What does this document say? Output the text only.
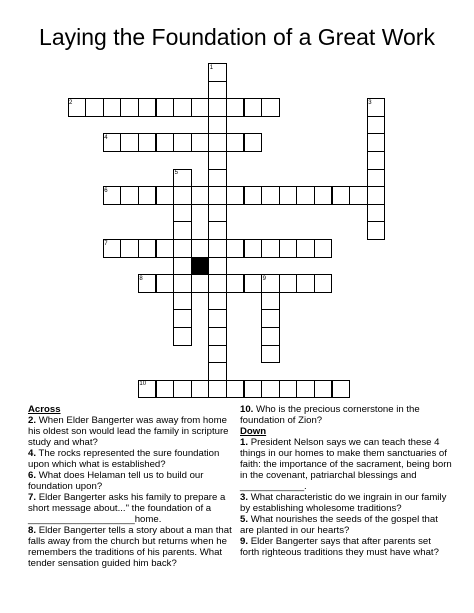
Laying the Foundation of a Great Work
1
2	3
4
5
6
7
8	9
10
Across

2. When Elder Bangerter was away from home his oldest son would lead the family in scripture study and what?

4. The rocks represented the sure foundation upon which what is established?

6. What does Helaman tell us to build our foundation upon?

7. Elder Bangerter asks his family to prepare a short message about..." the foundation of a ____________________home.

8. Elder Bangerter tells a story about a man that falls away from the church but returns when he remembers the traditions of his parents. What tender sensation guided him back?

10. Who is the precious cornerstone in the foundation of Zion?

Down

1. President Nelson says we can teach these 4 things in our homes to make them sanctuaries of faith: the importance of the sacrament, being born in the covenant, patriarchal blessings and ____________.

3. What characteristic do we ingrain in our family by establishing wholesome traditions?

5. What nourishes the seeds of the gospel that are planted in our hearts?

9. Elder Bangerter says that after parents set forth righteous traditions they must have what?
